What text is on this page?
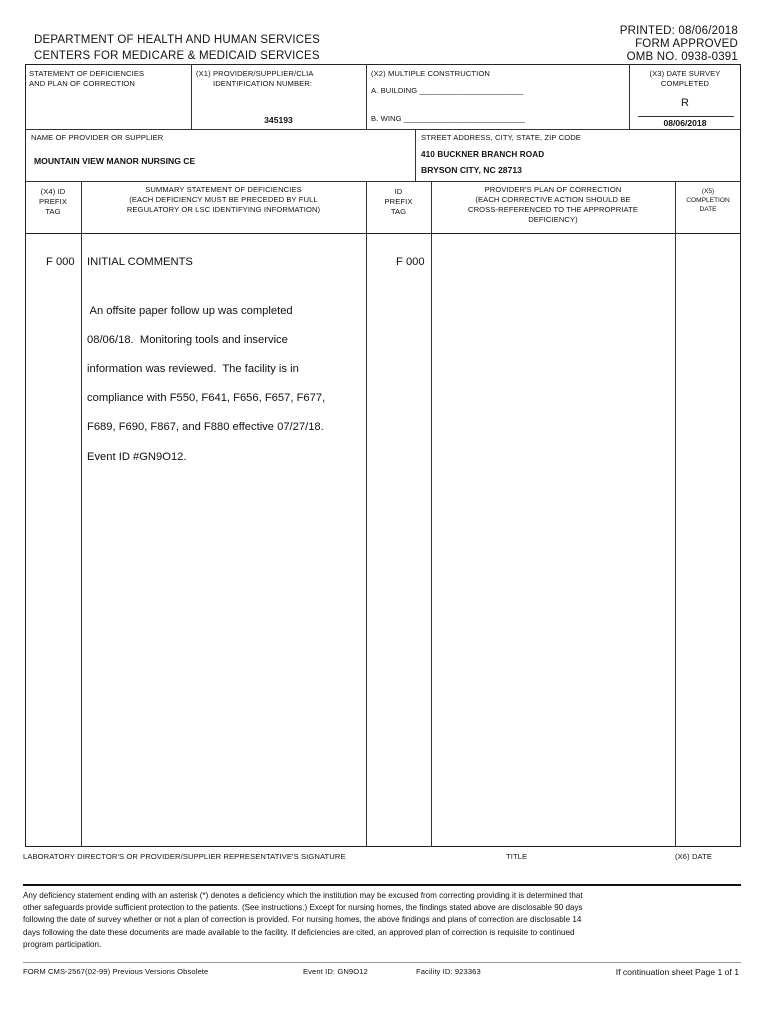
DEPARTMENT OF HEALTH AND HUMAN SERVICES
CENTERS FOR MEDICARE & MEDICAID SERVICES
PRINTED: 08/06/2018
FORM APPROVED
OMB NO. 0938-0391
STATEMENT OF DEFICIENCIES
AND PLAN OF CORRECTION
(X1) PROVIDER/SUPPLIER/CLIA
IDENTIFICATION NUMBER:
345193
(X2) MULTIPLE CONSTRUCTION
A. BUILDING ________________________
B. WING ____________________________
(X3) DATE SURVEY
COMPLETED
R
08/06/2018
NAME OF PROVIDER OR SUPPLIER
MOUNTAIN VIEW MANOR NURSING CE
STREET ADDRESS, CITY, STATE, ZIP CODE
410 BUCKNER BRANCH ROAD
BRYSON CITY, NC 28713
(X4) ID
PREFIX
TAG
SUMMARY STATEMENT OF DEFICIENCIES
(EACH DEFICIENCY MUST BE PRECEDED BY FULL
REGULATORY OR LSC IDENTIFYING INFORMATION)
ID
PREFIX
TAG
PROVIDER'S PLAN OF CORRECTION
(EACH CORRECTIVE ACTION SHOULD BE
CROSS-REFERENCED TO THE APPROPRIATE
DEFICIENCY)
(X5)
COMPLETION
DATE
F 000 INITIAL COMMENTS	F 000

An offsite paper follow up was completed

08/06/18.  Monitoring tools and inservice

information was reviewed.  The facility is in

compliance with F550, F641, F656, F657, F677,

F689, F690, F867, and F880 effective 07/27/18.

Event ID #GN9O12.

LABORATORY DIRECTOR'S OR PROVIDER/SUPPLIER REPRESENTATIVE'S SIGNATURE	TITLE	(X6) DATE
Any deficiency statement ending with an asterisk (*) denotes a deficiency which the institution may be excused from correcting providing it is determined that
other safeguards provide sufficient protection to the patients. (See instructions.) Except for nursing homes, the findings stated above are disclosable 90 days
following the date of survey whether or not a plan of correction is provided. For nursing homes, the above findings and plans of correction are disclosable 14
days following the date these documents are made available to the facility. If deficiencies are cited, an approved plan of correction is requisite to continued
program participation.
FORM CMS-2567(02-99) Previous Versions Obsolete	Event ID: GN9O12	Facility ID: 923363	If continuation sheet Page 1 of 1
